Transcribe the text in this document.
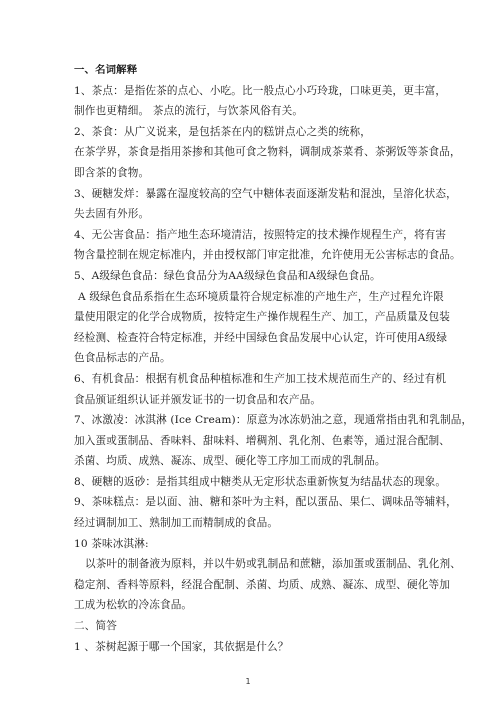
一、名词解释
1、茶点：是指佐茶的点心、小吃。比一般点心小巧玲珑，口味更美，更丰富，
制作也更精细。 茶点的流行，与饮茶风俗有关。
2、茶食：从广义说来，是包括茶在内的糕饼点心之类的统称，
在茶学界，茶食是指用茶掺和其他可食之物料，调制成茶菜肴、茶粥饭等茶食品，
即含茶的食物。
3、硬糖发烊：暴露在湿度较高的空气中糖体表面逐渐发粘和混浊，呈溶化状态，
失去固有外形。
4、无公害食品：指产地生态环境清洁，按照特定的技术操作规程生产，将有害
物含量控制在规定标准内，并由授权部门审定批准，允许使用无公害标志的食品。
5、A级绿色食品：绿色食品分为AA级绿色食品和A级绿色食品。
A 级绿色食品系指在生态环境质量符合规定标准的产地生产，生产过程允许限
量使用限定的化学合成物质，按特定生产操作规程生产、加工，产品质量及包装
经检测、检查符合特定标准，并经中国绿色食品发展中心认定，许可使用A级绿
色食品标志的产品。
6、有机食品：根据有机食品种植标准和生产加工技术规范而生产的、经过有机
食品颁证组织认证并颁发证书的一切食品和农产品。
7、冰激凌：冰淇淋 (Ice Cream)：原意为冰冻奶油之意，现通常指由乳和乳制品，
加入蛋或蛋制品、香味料、甜味料、增稠剂、乳化剂、色素等，通过混合配制、
杀菌、均质、成熟、凝冻、成型、硬化等工序加工而成的乳制品。
8、硬糖的返砂：是指其组成中糖类从无定形状态重新恢复为结晶状态的现象。
9、茶味糕点：是以面、油、糖和茶叶为主料，配以蛋品、果仁、调味品等辅料，
经过调制加工、熟制加工而精制成的食品。
10 茶味冰淇淋:
以茶叶的制备液为原料，并以牛奶或乳制品和蔗糖，添加蛋或蛋制品、乳化剂、
稳定剂、香料等原料，经混合配制、杀菌、均质、成熟、凝冻、成型、硬化等加
工成为松软的冷冻食品。
二、简答
1 、茶树起源于哪一个国家，其依据是什么？
1
